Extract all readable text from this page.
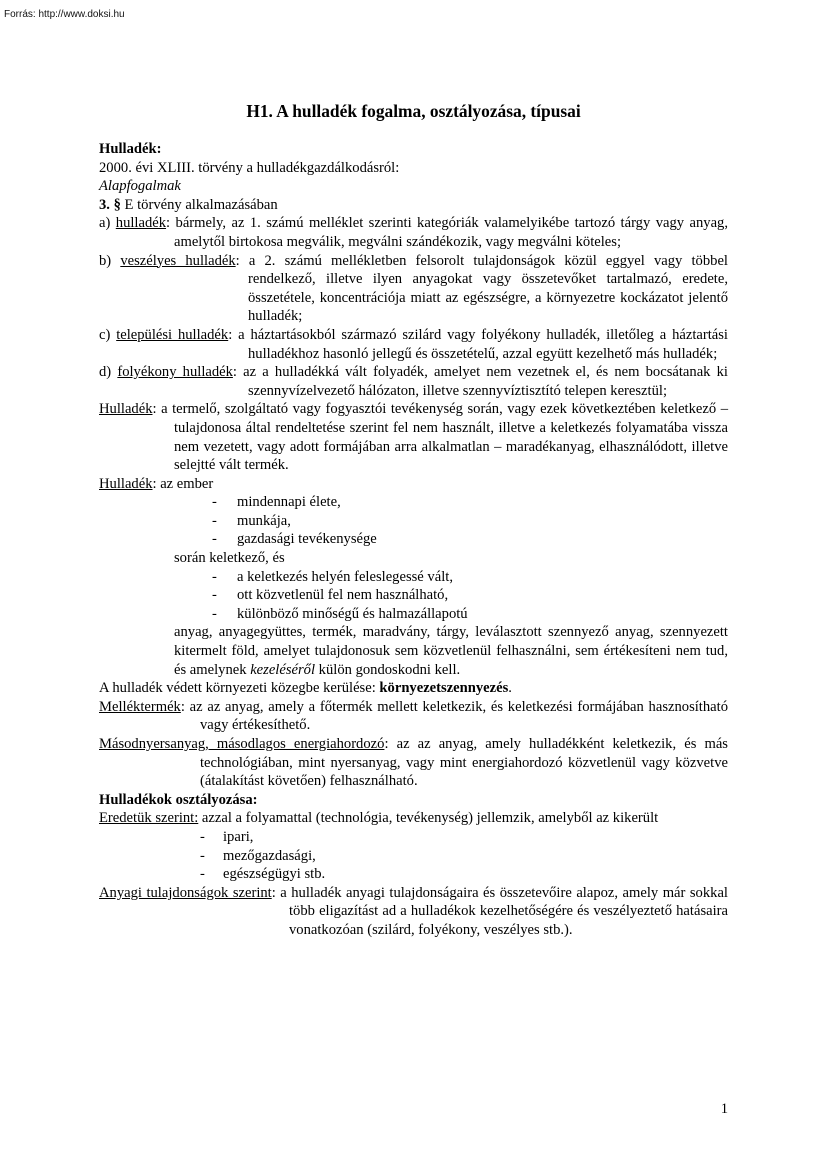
Forrás: http://www.doksi.hu
H1. A hulladék fogalma, osztályozása, típusai

Hulladék:

2000. évi XLIII. törvény a hulladékgazdálkodásról:

Alapfogalmak

3. § E törvény alkalmazásában

a) hulladék: bármely, az 1. számú melléklet szerinti kategóriák valamelyikébe tartozó tárgy vagy anyag, amelytől birtokosa megválik, megválni szándékozik, vagy megválni köteles;

b) veszélyes hulladék: a 2. számú mellékletben felsorolt tulajdonságok közül eggyel vagy többel rendelkező, illetve ilyen anyagokat vagy összetevőket tartalmazó, eredete, összetétele, koncentrációja miatt az egészségre, a környezetre kockázatot jelentő hulladék;

c) települési hulladék: a háztartásokból származó szilárd vagy folyékony hulladék, illetőleg a háztartási hulladékhoz hasonló jellegű és összetételű, azzal együtt kezelhető más hulladék;

d) folyékony hulladék: az a hulladékká vált folyadék, amelyet nem vezetnek el, és nem bocsátanak ki szennyvízelvezető hálózaton, illetve szennyvíztisztító telepen keresztül;

Hulladék: a termelő, szolgáltató vagy fogyasztói tevékenység során, vagy ezek következtében keletkező – tulajdonosa által rendeltetése szerint fel nem használt, illetve a keletkezés folyamatába vissza nem vezetett, vagy adott formájában arra alkalmatlan – maradékanyag, elhasználódott, illetve selejtté vált termék.

Hulladék: az ember

- mindennapi élete,
- munkája,
- gazdasági tevékenysége

során keletkező, és

- a keletkezés helyén feleslegessé vált,
- ott közvetlenül fel nem használható,
- különböző minőségű és halmazállapotú

anyag, anyagegyüttes, termék, maradvány, tárgy, leválasztott szennyező anyag, szennyezett kitermelt föld, amelyet tulajdonosuk sem közvetlenül felhasználni, sem értékesíteni nem tud, és amelynek kezeléséről külön gondoskodni kell.

A hulladék védett környezeti közegbe kerülése: környezetszennyezés.

Melléktermék: az az anyag, amely a főtermék mellett keletkezik, és keletkezési formájában hasznosítható vagy értékesíthető.

Másodnyersanyag, másodlagos energiahordozó: az az anyag, amely hulladékként keletkezik, és más technológiában, mint nyersanyag, vagy mint energiahordozó közvetlenül vagy közvetve (átalakítást követően) felhasználható.

Hulladékok osztályozása:

Eredetük szerint: azzal a folyamattal (technológia, tevékenység) jellemzik, amelyből az kikerült

- ipari,
- mezőgazdasági,
- egészségügyi stb.

Anyagi tulajdonságok szerint: a hulladék anyagi tulajdonságaira és összetevőire alapoz, amely már sokkal több eligazítást ad a hulladékok kezelhetőségére és veszélyeztető hatásaira vonatkozóan (szilárd, folyékony, veszélyes stb.).

1
